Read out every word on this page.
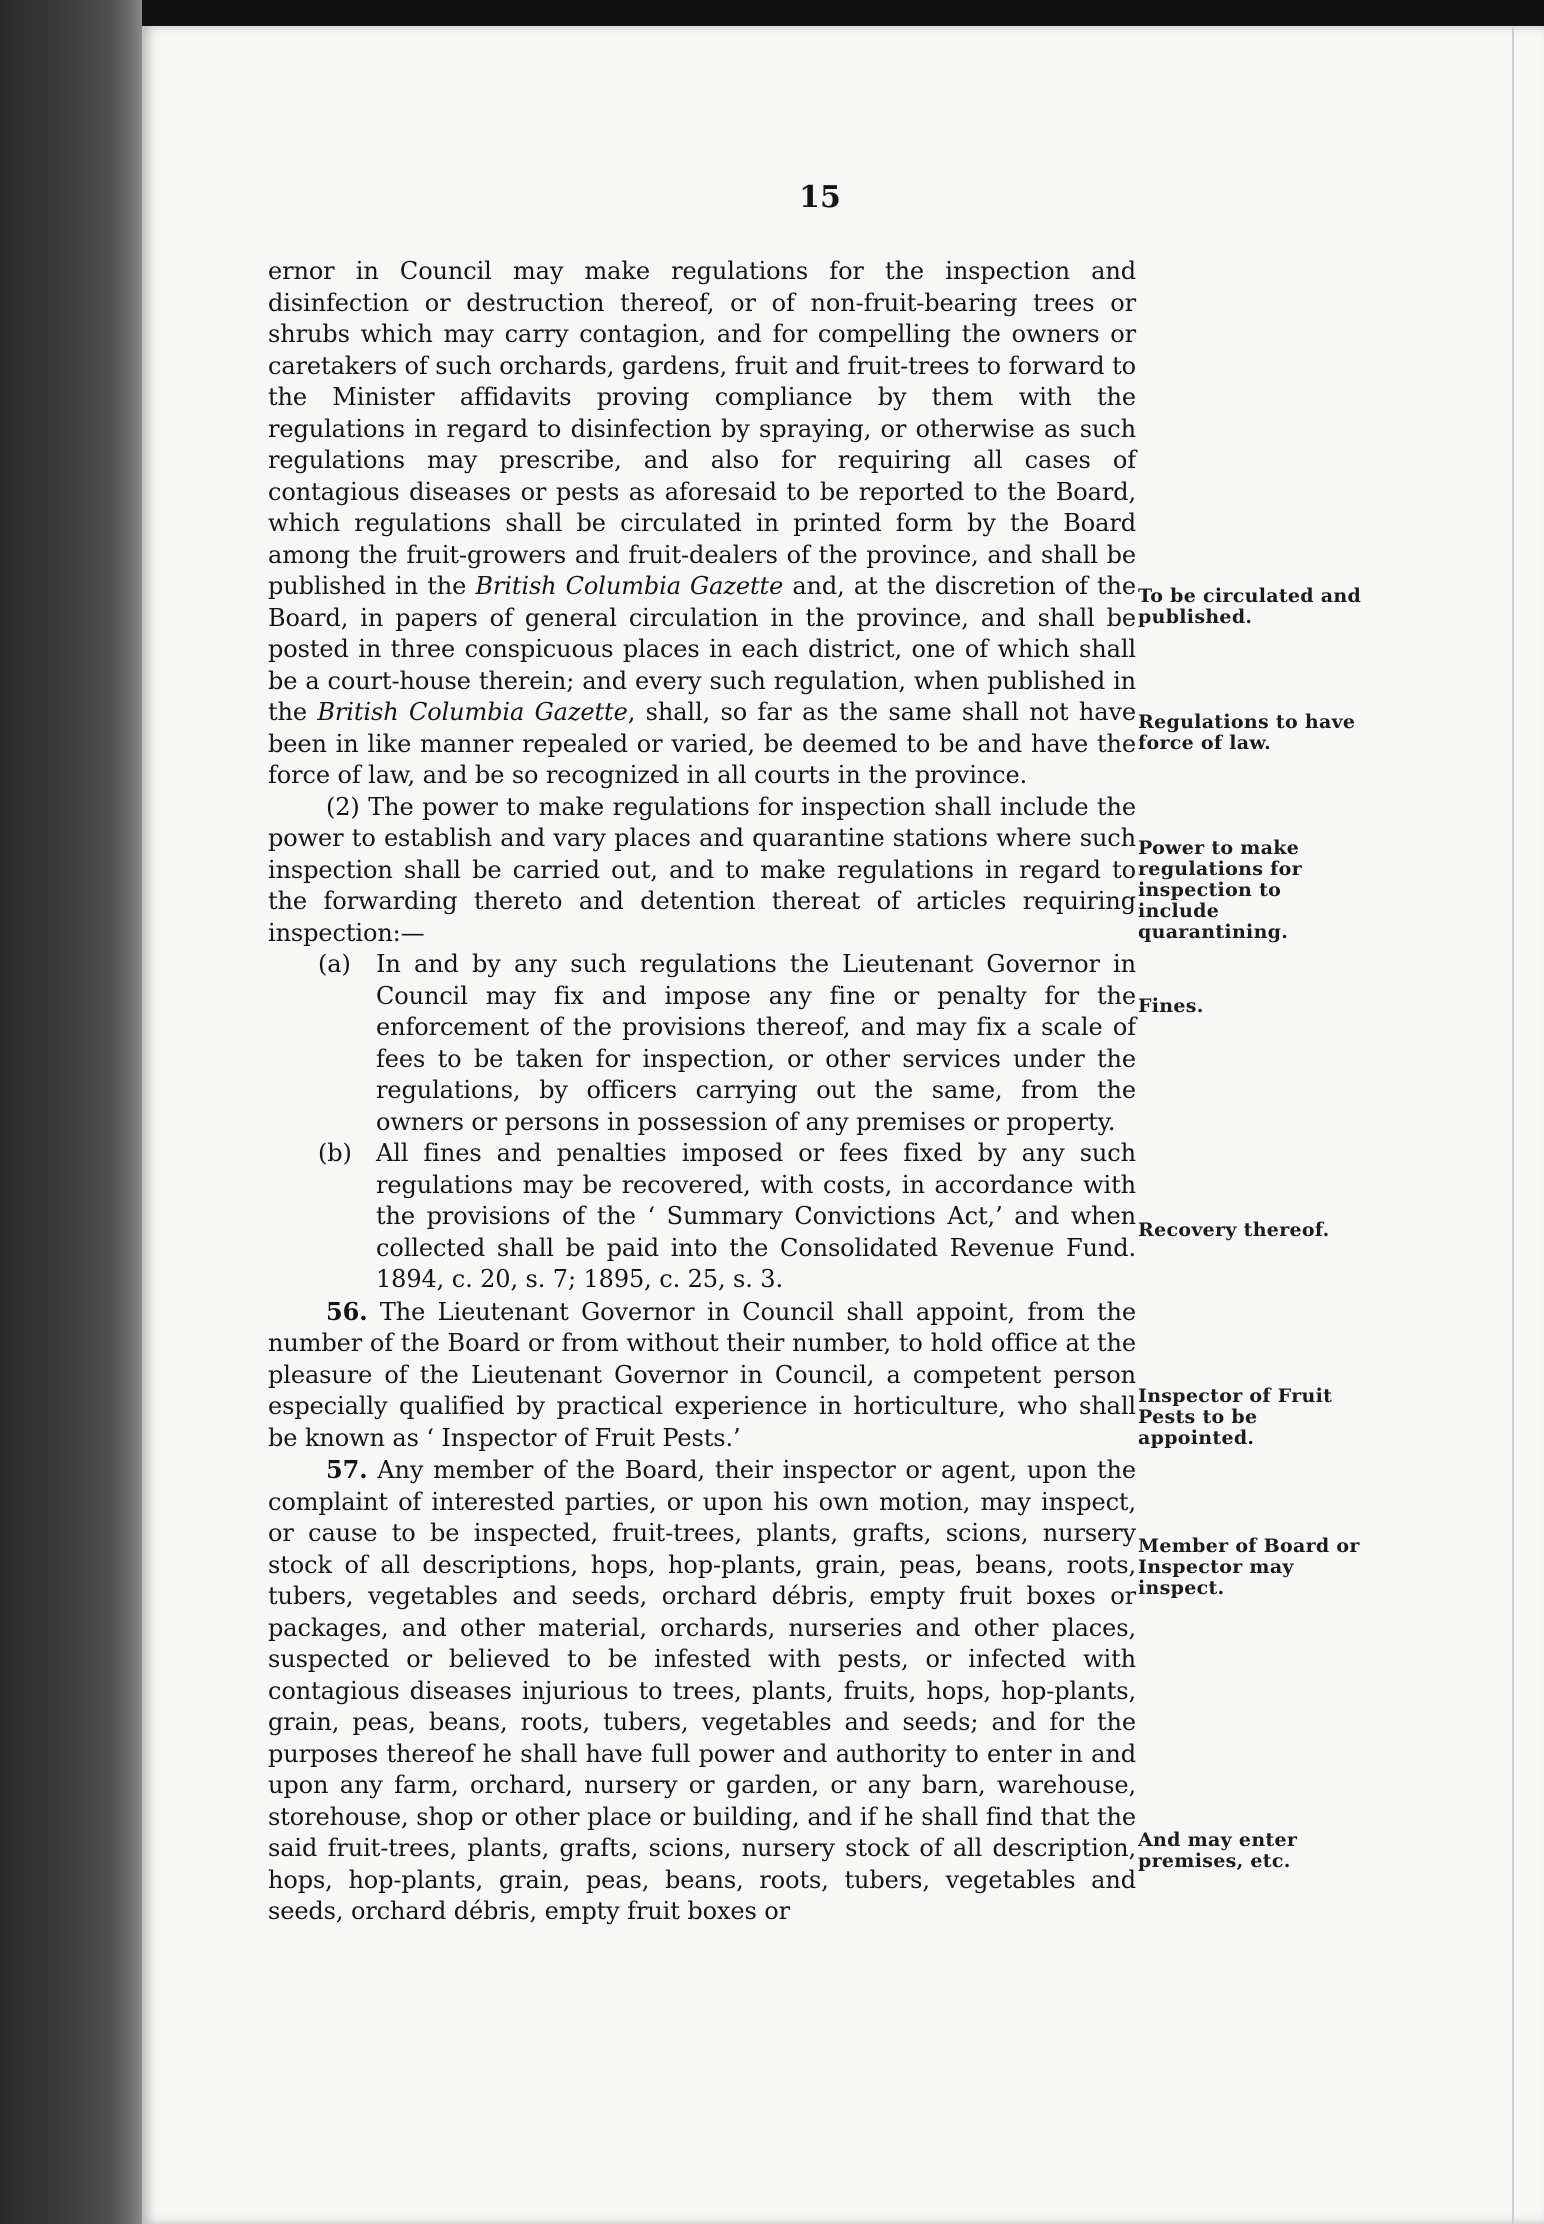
15

ernor in Council may make regulations for the inspection and disinfection or destruction thereof, or of non-fruit-bearing trees or shrubs which may carry contagion, and for compelling the owners or caretakers of such orchards, gardens, fruit and fruit-trees to forward to the Minister affidavits proving compliance by them with the regulations in regard to disinfection by spraying, or otherwise as such regulations may prescribe, and also for requiring all cases of contagious diseases or pests as aforesaid to be reported to the Board, which regulations shall be circulated in printed form by the Board among the fruit-growers and fruit-dealers of the province, and shall be published in the British Columbia Gazette and, at the discretion of the Board, in papers of general circulation in the province, and shall be posted in three conspicuous places in each district, one of which shall be a court-house therein; and every such regulation, when published in the British Columbia Gazette, shall, so far as the same shall not have been in like manner repealed or varied, be deemed to be and have the force of law, and be so recognized in all courts in the province.

(2) The power to make regulations for inspection shall include the power to establish and vary places and quarantine stations where such inspection shall be carried out, and to make regulations in regard to the forwarding thereto and detention thereat of articles requiring inspection:—

(a) In and by any such regulations the Lieutenant Governor in Council may fix and impose any fine or penalty for the enforcement of the provisions thereof, and may fix a scale of fees to be taken for inspection, or other services under the regulations, by officers carrying out the same, from the owners or persons in possession of any premises or property.

(b) All fines and penalties imposed or fees fixed by any such regulations may be recovered, with costs, in accordance with the provisions of the ‘ Summary Convictions Act,’ and when collected shall be paid into the Consolidated Revenue Fund. 1894, c. 20, s. 7; 1895, c. 25, s. 3.

56. The Lieutenant Governor in Council shall appoint, from the number of the Board or from without their number, to hold office at the pleasure of the Lieutenant Governor in Council, a competent person especially qualified by practical experience in horticulture, who shall be known as ‘ Inspector of Fruit Pests.’

57. Any member of the Board, their inspector or agent, upon the complaint of interested parties, or upon his own motion, may inspect, or cause to be inspected, fruit-trees, plants, grafts, scions, nursery stock of all descriptions, hops, hop-plants, grain, peas, beans, roots, tubers, vegetables and seeds, orchard débris, empty fruit boxes or packages, and other material, orchards, nurseries and other places, suspected or believed to be infested with pests, or infected with contagious diseases injurious to trees, plants, fruits, hops, hop-plants, grain, peas, beans, roots, tubers, vegetables and seeds; and for the purposes thereof he shall have full power and authority to enter in and upon any farm, orchard, nursery or garden, or any barn, warehouse, storehouse, shop or other place or building, and if he shall find that the said fruit-trees, plants, grafts, scions, nursery stock of all description, hops, hop-plants, grain, peas, beans, roots, tubers, vegetables and seeds, orchard débris, empty fruit boxes or

To be circulated and published.
Regulations to have force of law.
Power to make regulations for inspection to include quarantining.
Fines.
Recovery thereof.
Inspector of Fruit Pests to be appointed.
Member of Board or Inspector may inspect.
And may enter premises, etc.
